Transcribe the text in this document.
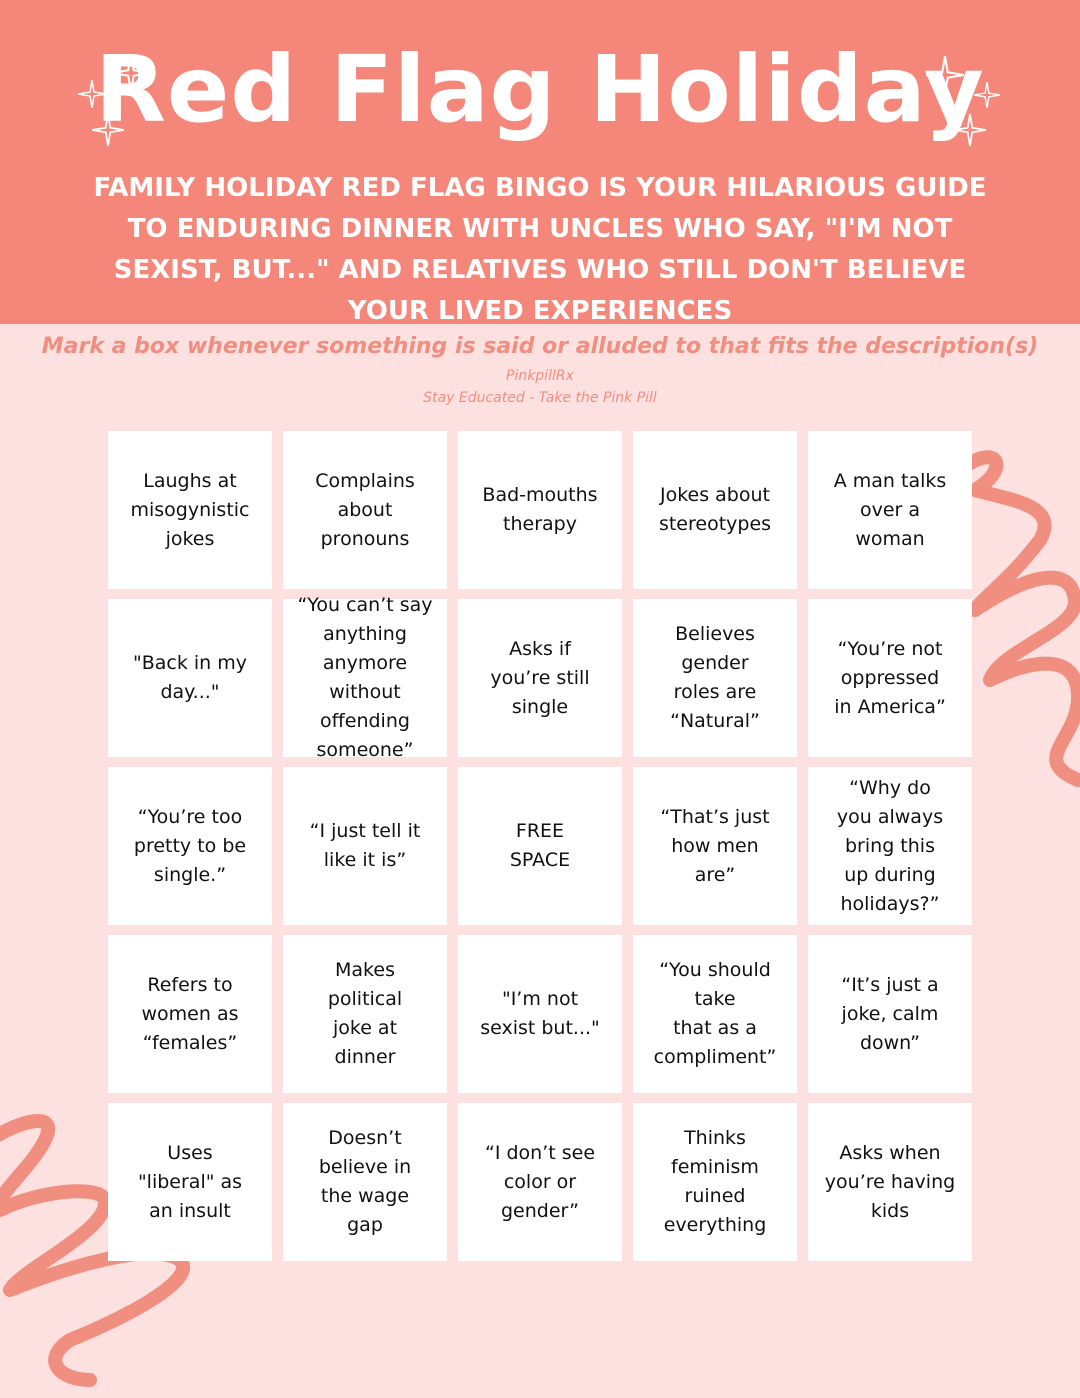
Red Flag Holiday
FAMILY HOLIDAY RED FLAG BINGO IS YOUR HILARIOUS GUIDE TO ENDURING DINNER WITH UNCLES WHO SAY, "I'M NOT SEXIST, BUT..." AND RELATIVES WHO STILL DON'T BELIEVE YOUR LIVED EXPERIENCES
Mark a box whenever something is said or alluded to that fits the description(s)
PinkpillRx
Stay Educated - Take the Pink Pill
Laughs at
misogynistic
jokes
Complains
about
pronouns
Bad-mouths
therapy
Jokes about
stereotypes
A man talks
over a
woman
"Back in my
day..."
“You can’t say
anything
anymore
without
offending
someone”
Asks if
you’re still
single
Believes
gender
roles are
“Natural”
“You’re not
oppressed
in America”
“You’re too
pretty to be
single.”
“I just tell it
like it is”
FREE
SPACE
“That’s just
how men
are”
“Why do
you always
bring this
up during
holidays?”
Refers to
women as
“females”
Makes
political
joke at
dinner
"I’m not
sexist but..."
“You should take
that as a
compliment”
“It’s just a
joke, calm
down”
Uses
"liberal" as
an insult
Doesn’t
believe in
the wage
gap
“I don’t see
color or
gender”
Thinks
feminism
ruined
everything
Asks when
you’re having
kids
